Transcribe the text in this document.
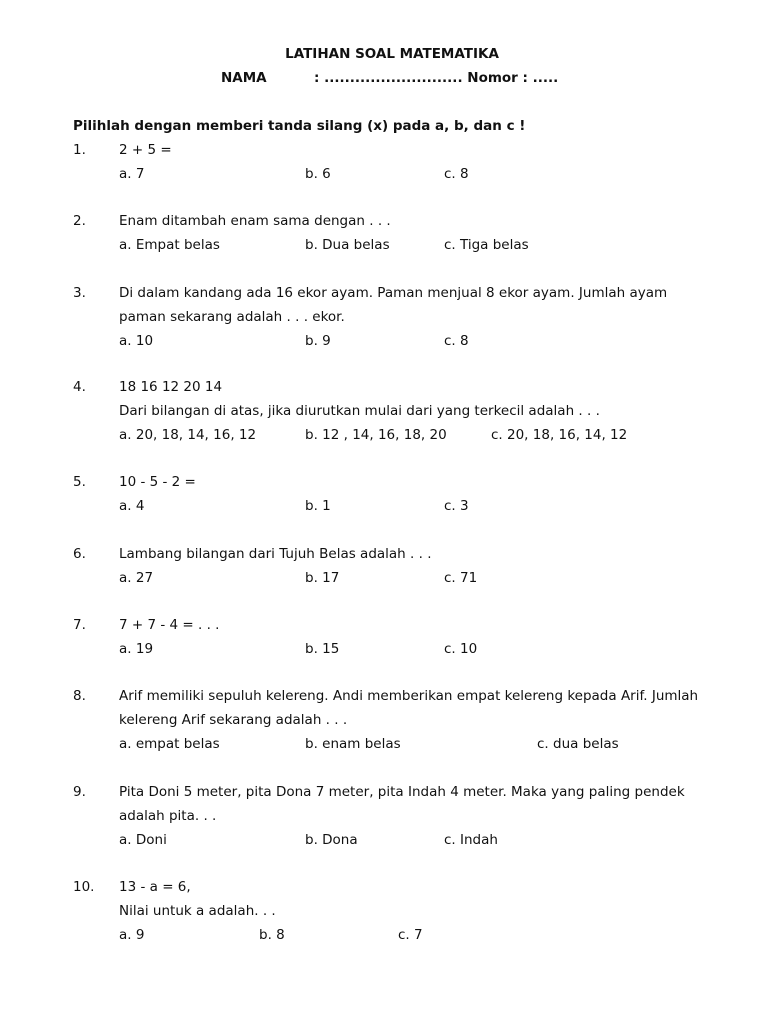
LATIHAN SOAL MATEMATIKA
NAMA	: ........................... Nomor : .....
Pilihlah dengan memberi tanda silang (x) pada a, b, dan c !
1. 2 + 5 =
a. 7	b. 6	c. 8
2. Enam ditambah enam sama dengan . . .
a. Empat belas	b. Dua belas	c. Tiga belas
3. Di dalam kandang ada 16 ekor ayam. Paman menjual 8 ekor ayam. Jumlah ayam
paman sekarang adalah . . . ekor.
a. 10	b. 9	c. 8
4. 18 16 12 20 14
Dari bilangan di atas, jika diurutkan mulai dari yang terkecil adalah . . .
a. 20, 18, 14, 16, 12	b. 12 , 14, 16, 18, 20	c. 20, 18, 16, 14, 12
5. 10 - 5 - 2 =
a. 4	b. 1	c. 3
6. Lambang bilangan dari Tujuh Belas adalah . . .
a. 27	b. 17	c. 71
7. 7 + 7 - 4 = . . .
a. 19	b. 15	c. 10
8. Arif memiliki sepuluh kelereng. Andi memberikan empat kelereng kepada Arif. Jumlah
kelereng Arif sekarang adalah . . .
a. empat belas	b. enam belas	c. dua belas
9. Pita Doni 5 meter, pita Dona 7 meter, pita Indah 4 meter. Maka yang paling pendek
adalah pita. . .
a. Doni	b. Dona	c. Indah
10. 13 - a = 6,
Nilai untuk a adalah. . .
a. 9	b. 8	c. 7
